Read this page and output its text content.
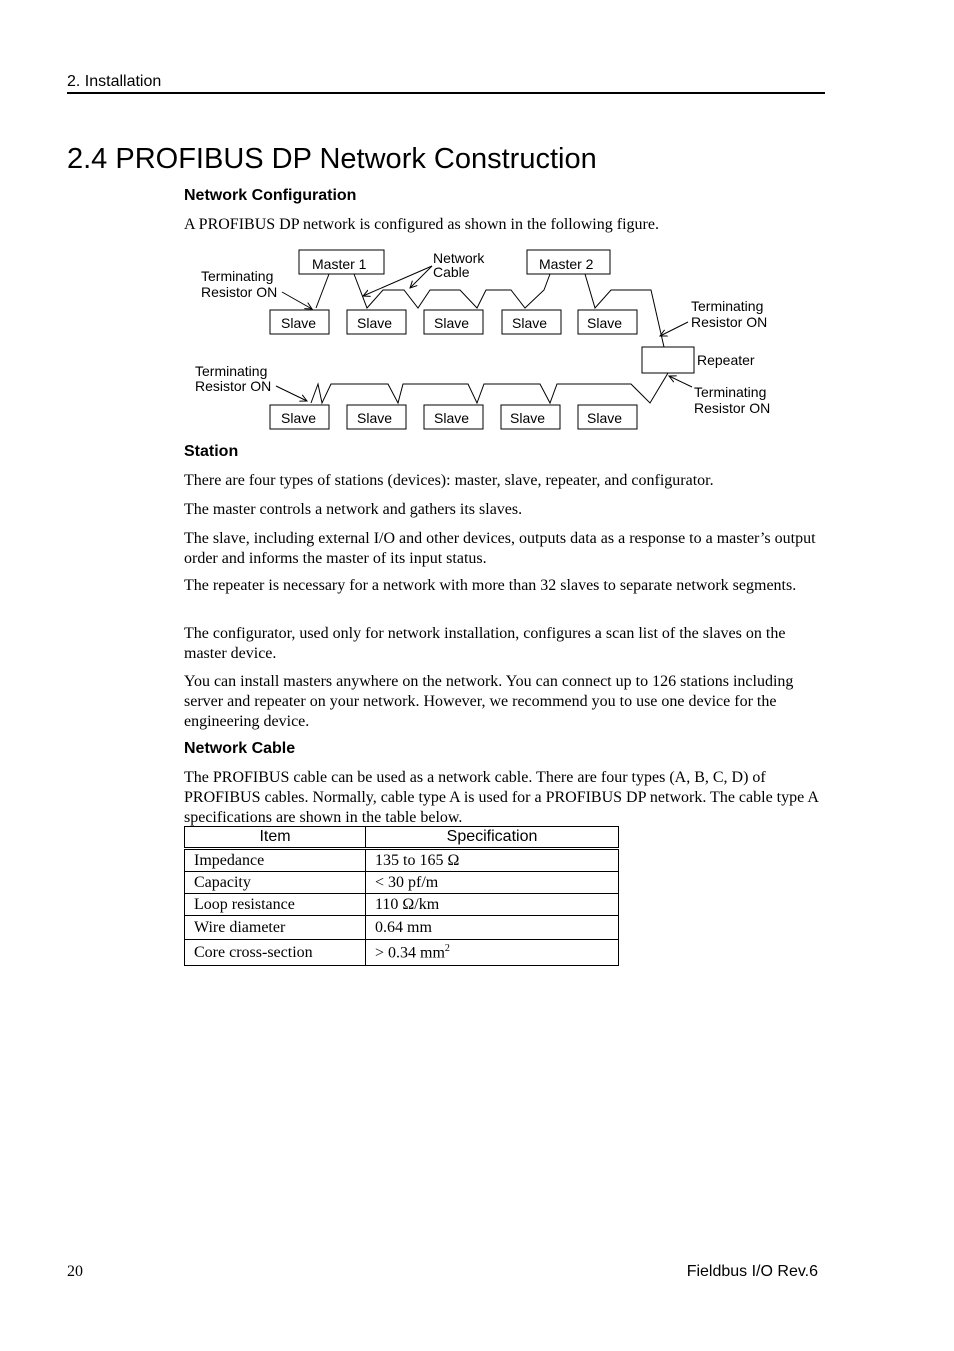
2. Installation
2.4 PROFIBUS DP Network Construction
Network Configuration
A PROFIBUS DP network is configured as shown in the following figure.
Master 1	Master 2
Network
Cable
Terminating
Resistor ON
Terminating
Resistor ON
Repeater
Terminating
Resistor ON	Terminating
Resistor ON
Slave	Slave	Slave	Slave	Slave
Slave	Slave	Slave	Slave	Slave
Station
There are four types of stations (devices): master, slave, repeater, and configurator.
The master controls a network and gathers its slaves.
The slave, including external I/O and other devices, outputs data as a response to a master’s output order and informs the master of its input status.
The repeater is necessary for a network with more than 32 slaves to separate network segments.
The configurator, used only for network installation, configures a scan list of the slaves on the master device.
You can install masters anywhere on the network. You can connect up to 126 stations including server and repeater on your network. However, we recommend you to use one device for the engineering device.
Network Cable
The PROFIBUS cable can be used as a network cable. There are four types (A, B, C, D) of PROFIBUS cables. Normally, cable type A is used for a PROFIBUS DP network. The cable type A specifications are shown in the table below.
Item	Specification
Impedance	135 to 165 Ω
Capacity	< 30 pf/m
Loop resistance	110 Ω/km
Wire diameter	0.64 mm
Core cross-section	> 0.34 $mm^2$
20	Fieldbus I/O Rev.6
